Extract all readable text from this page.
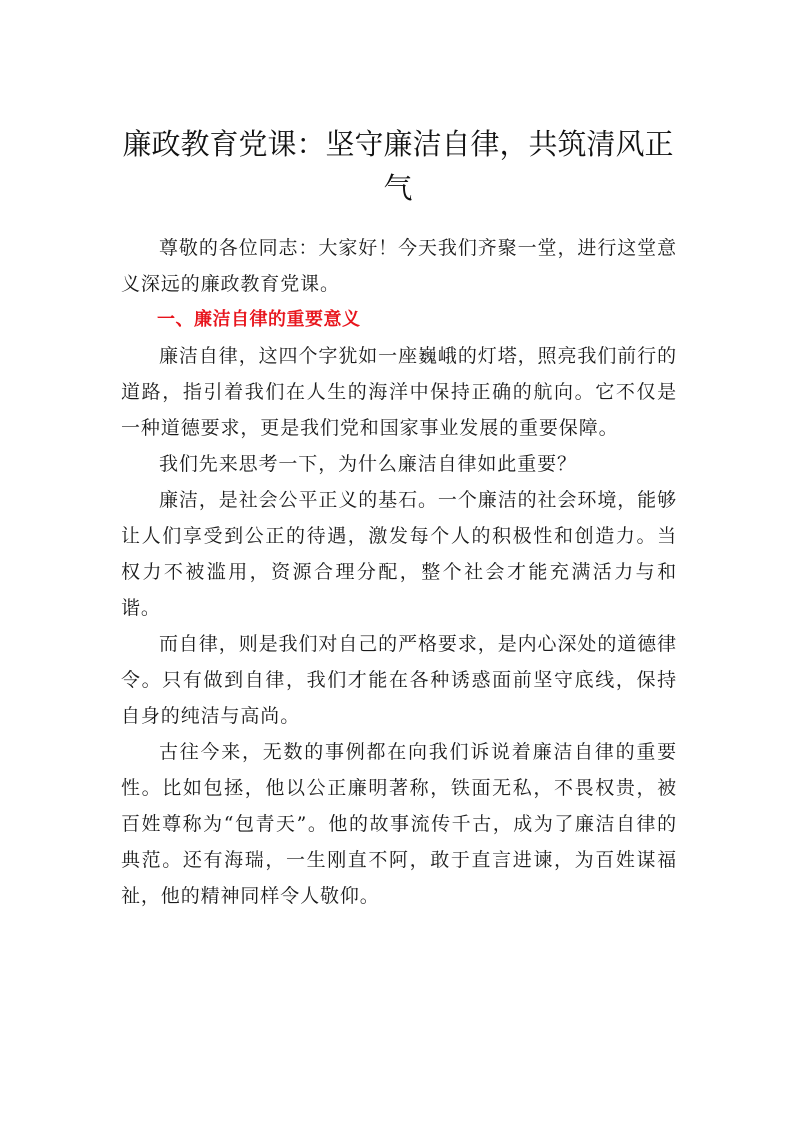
廉政教育党课：坚守廉洁自律，共筑清风正气

尊敬的各位同志：大家好！今天我们齐聚一堂，进行这堂意义深远的廉政教育党课。

一、廉洁自律的重要意义

廉洁自律，这四个字犹如一座巍峨的灯塔，照亮我们前行的道路，指引着我们在人生的海洋中保持正确的航向。它不仅是一种道德要求，更是我们党和国家事业发展的重要保障。

我们先来思考一下，为什么廉洁自律如此重要？

廉洁，是社会公平正义的基石。一个廉洁的社会环境，能够让人们享受到公正的待遇，激发每个人的积极性和创造力。当权力不被滥用，资源合理分配，整个社会才能充满活力与和谐。

而自律，则是我们对自己的严格要求，是内心深处的道德律令。只有做到自律，我们才能在各种诱惑面前坚守底线，保持自身的纯洁与高尚。

古往今来，无数的事例都在向我们诉说着廉洁自律的重要性。比如包拯，他以公正廉明著称，铁面无私，不畏权贵，被百姓尊称为“包青天”。他的故事流传千古，成为了廉洁自律的典范。还有海瑞，一生刚直不阿，敢于直言进谏，为百姓谋福祉，他的精神同样令人敬仰。
